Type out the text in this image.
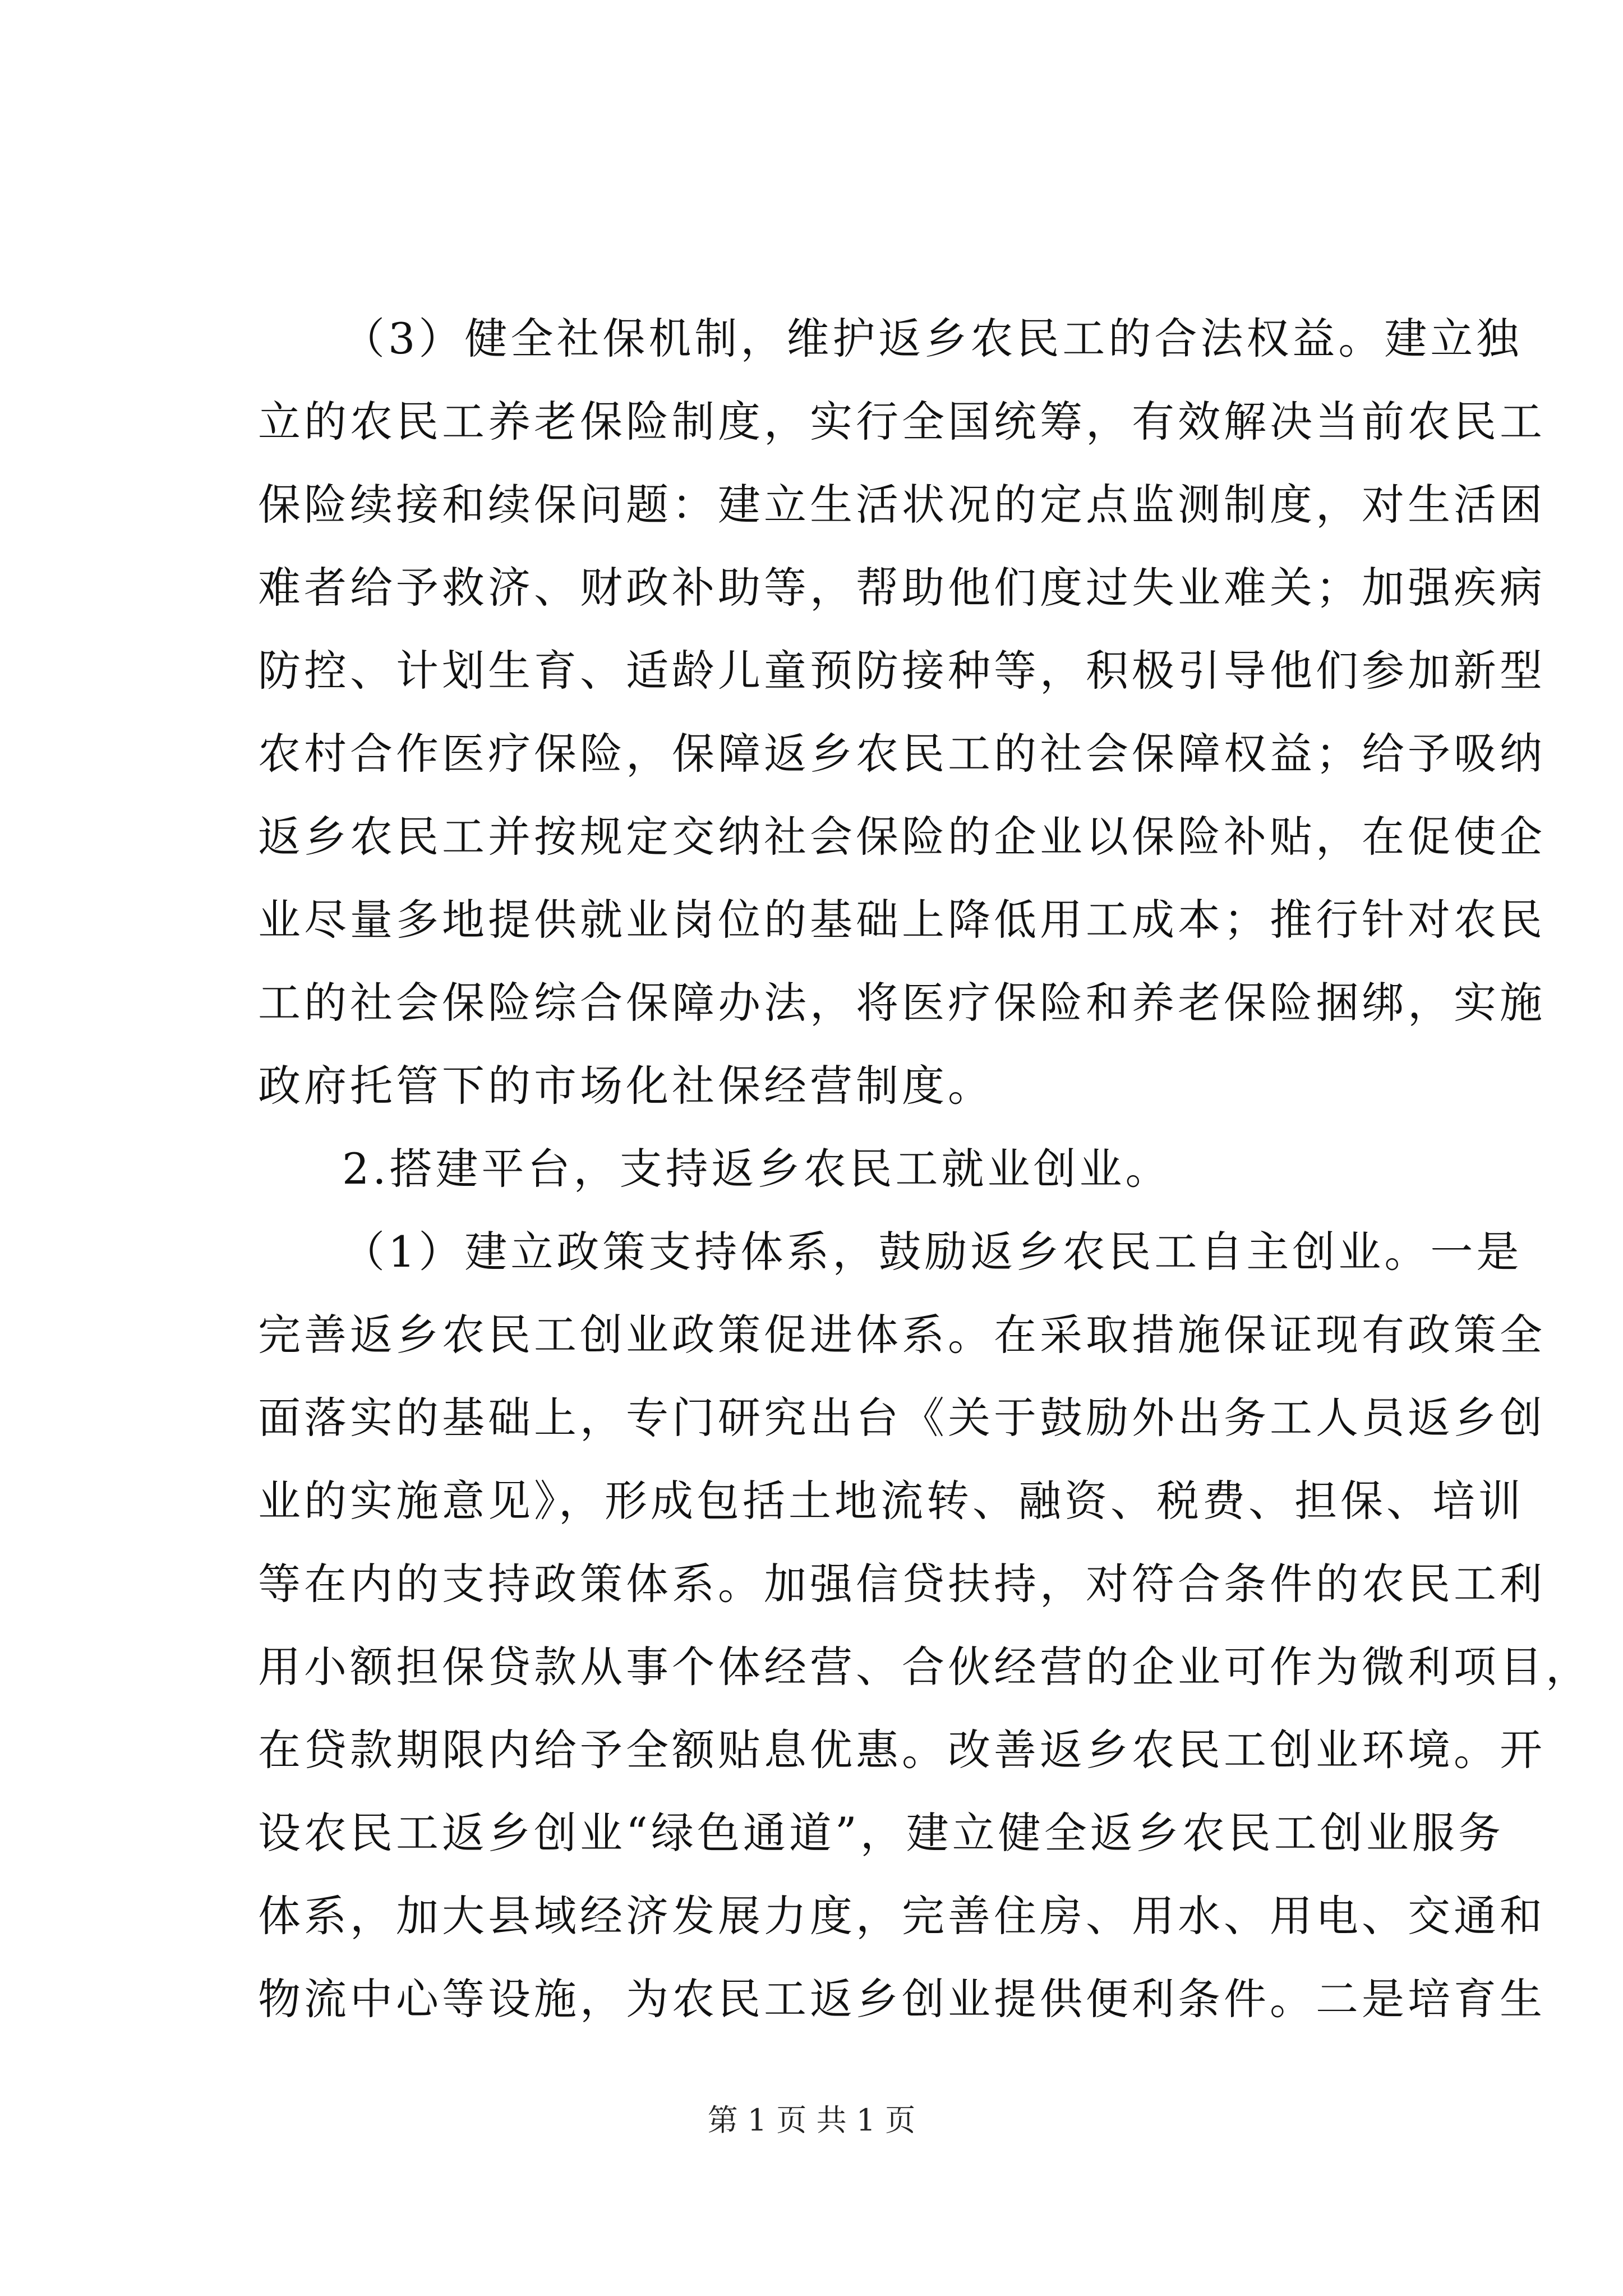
（3）健全社保机制，维护返乡农民工的合法权益。建立独
立的农民工养老保险制度，实行全国统筹，有效解决当前农民工
保险续接和续保问题：建立生活状况的定点监测制度，对生活困
难者给予救济、财政补助等，帮助他们度过失业难关；加强疾病
防控、计划生育、适龄儿童预防接种等，积极引导他们参加新型
农村合作医疗保险，保障返乡农民工的社会保障权益；给予吸纳
返乡农民工并按规定交纳社会保险的企业以保险补贴，在促使企
业尽量多地提供就业岗位的基础上降低用工成本；推行针对农民
工的社会保险综合保障办法，将医疗保险和养老保险捆绑，实施
政府托管下的市场化社保经营制度。
2.搭建平台，支持返乡农民工就业创业。
（1）建立政策支持体系，鼓励返乡农民工自主创业。一是
完善返乡农民工创业政策促进体系。在采取措施保证现有政策全
面落实的基础上，专门研究出台《关于鼓励外出务工人员返乡创
业的实施意见》，形成包括土地流转、融资、税费、担保、培训
等在内的支持政策体系。加强信贷扶持，对符合条件的农民工利
用小额担保贷款从事个体经营、合伙经营的企业可作为微利项目，
在贷款期限内给予全额贴息优惠。改善返乡农民工创业环境。开
设农民工返乡创业“绿色通道”，建立健全返乡农民工创业服务
体系，加大县域经济发展力度，完善住房、用水、用电、交通和
物流中心等设施，为农民工返乡创业提供便利条件。二是培育生
第 1 页 共 1 页
